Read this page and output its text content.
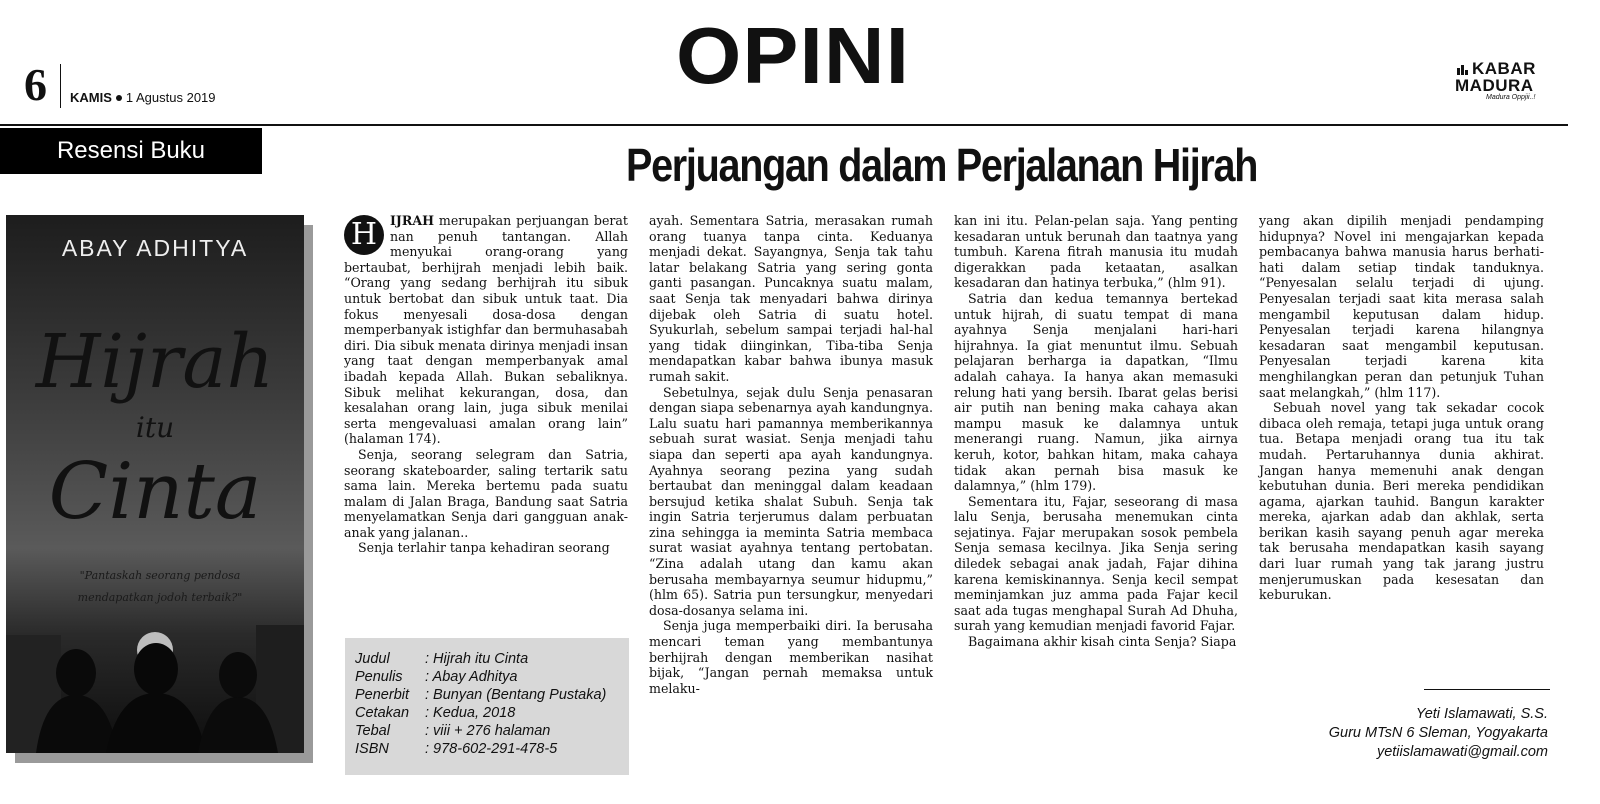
6 KAMIS 1 Agustus 2019	OPINI	KABAR
MADURA
Madura Oppjii..!
Resensi Buku	Perjuangan dalam Perjalanan Hijrah
ABAY ADHITYA
Hijrah
itu
Cinta
"Pantaskah seorang pendosa
mendapatkan jodoh terbaik?"

H	IJRAH merupakan perjuangan berat nan penuh tantangan. Allah menyukai orang-orang yang bertaubat, berhijrah menjadi lebih baik. “Orang yang sedang berhijrah itu sibuk untuk bertobat dan sibuk untuk taat. Dia fokus menyesali dosa-dosa dengan memperbanyak istighfar dan bermuhasabah diri. Dia sibuk menata dirinya menjadi insan yang taat dengan memperbanyak amal ibadah kepada Allah. Bukan sebaliknya. Sibuk melihat kekurangan, dosa, dan kesalahan orang lain, juga sibuk menilai serta mengevaluasi amalan orang lain” (halaman 174).

Senja, seorang selegram dan Satria, seorang skateboarder, saling tertarik satu sama lain. Mereka bertemu pada suatu malam di Jalan Braga, Bandung saat Satria menyelamatkan Senja dari gangguan anak-anak yang jalanan..

Senja terlahir tanpa kehadiran seorang

ayah. Sementara Satria, merasakan rumah orang tuanya tanpa cinta. Keduanya menjadi dekat. Sayangnya, Senja tak tahu latar belakang Satria yang sering gonta ganti pasangan. Puncaknya suatu malam, saat Senja tak menyadari bahwa dirinya dijebak oleh Satria di suatu hotel. Syukurlah, sebelum sampai terjadi hal-hal yang tidak diinginkan, Tiba-tiba Senja mendapatkan kabar bahwa ibunya masuk rumah sakit.

Sebetulnya, sejak dulu Senja penasaran dengan siapa sebenarnya ayah kandungnya. Lalu suatu hari pamannya memberikannya sebuah surat wasiat. Senja menjadi tahu siapa dan seperti apa ayah kandungnya. Ayahnya seorang pezina yang sudah bertaubat dan meninggal dalam keadaan bersujud ketika shalat Subuh. Senja tak ingin Satria terjerumus dalam perbuatan zina sehingga ia meminta Satria membaca surat wasiat ayahnya tentang pertobatan. “Zina adalah utang dan kamu akan berusaha membayarnya seumur hidupmu,” (hlm 65). Satria pun tersungkur, menyedari dosa-dosanya selama ini.

Senja juga memperbaiki diri. Ia berusaha mencari teman yang membantunya berhijrah dengan memberikan nasihat bijak, “Jangan pernah memaksa untuk melaku-

kan ini itu. Pelan-pelan saja. Yang penting kesadaran untuk berunah dan taatnya yang tumbuh. Karena fitrah manusia itu mudah digerakkan pada ketaatan, asalkan kesadaran dan hatinya terbuka,” (hlm 91).

Satria dan kedua temannya bertekad untuk hijrah, di suatu tempat di mana ayahnya Senja menjalani hari-hari hijrahnya. Ia giat menuntut ilmu. Sebuah pelajaran berharga ia dapatkan, “Ilmu adalah cahaya. Ia hanya akan memasuki relung hati yang bersih. Ibarat gelas berisi air putih nan bening maka cahaya akan mampu masuk ke dalamnya untuk menerangi ruang. Namun, jika airnya keruh, kotor, bahkan hitam, maka cahaya tidak akan pernah bisa masuk ke dalamnya,” (hlm 179).

Sementara itu, Fajar, seseorang di masa lalu Senja, berusaha menemukan cinta sejatinya. Fajar merupakan sosok pembela Senja semasa kecilnya. Jika Senja sering diledek sebagai anak jadah, Fajar dihina karena kemiskinannya. Senja kecil sempat meminjamkan juz amma pada Fajar kecil saat ada tugas menghapal Surah Ad Dhuha, surah yang kemudian menjadi favorid Fajar.

Bagaimana akhir kisah cinta Senja? Siapa

yang akan dipilih menjadi pendamping hidupnya? Novel ini mengajarkan kepada pembacanya bahwa manusia harus berhati-hati dalam setiap tindak tanduknya. “Penyesalan selalu terjadi di ujung. Penyesalan terjadi saat kita merasa salah mengambil keputusan dalam hidup. Penyesalan terjadi karena hilangnya kesadaran saat mengambil keputusan. Penyesalan terjadi karena kita menghilangkan peran dan petunjuk Tuhan saat melangkah,” (hlm 117).

Sebuah novel yang tak sekadar cocok dibaca oleh remaja, tetapi juga untuk orang tua. Betapa menjadi orang tua itu tak mudah. Pertaruhannya dunia akhirat. Jangan hanya memenuhi anak dengan kebutuhan dunia. Beri mereka pendidikan agama, ajarkan tauhid. Bangun karakter mereka, ajarkan adab dan akhlak, serta berikan kasih sayang penuh agar mereka tak berusaha mendapatkan kasih sayang dari luar rumah yang tak jarang justru menjerumuskan pada kesesatan dan keburukan.

Judul : Hijrah itu Cinta
Penulis : Abay Adhitya
Penerbit : Bunyan (Bentang Pustaka)
Cetakan : Kedua, 2018
Tebal : viii + 276 halaman
ISBN : 978-602-291-478-5
Yeti Islamawati, S.S.
Guru MTsN 6 Sleman, Yogyakarta
yetiislamawati@gmail.com
